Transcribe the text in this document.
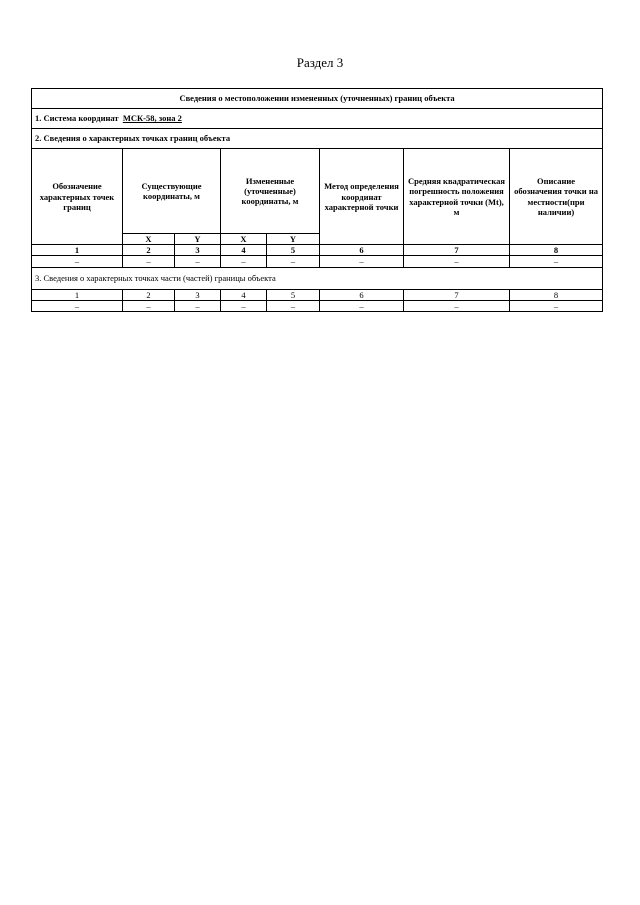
Раздел 3
Сведения о местоположении измененных (уточненных) границ объекта							
1. Система координат МСК-58, зона 2							
2. Сведения о характерных точках границ объекта							
Обозначение характерных точек границ	Существующие координаты, м		Измененные (уточненные) координаты, м		Метод определения координат характерной точки	Средняя квадратическая погрешность положения характерной точки (Mt), м	Описание обозначения точки на местности(при наличии)
	X	Y	X	Y			
1	2	3	4	5	6	7	8
–	–	–	–	–	–	–	–
3. Сведения о характерных точках части (частей) границы объекта							
1	2	3	4	5	6	7	8
–	–	–	–	–	–	–	–
